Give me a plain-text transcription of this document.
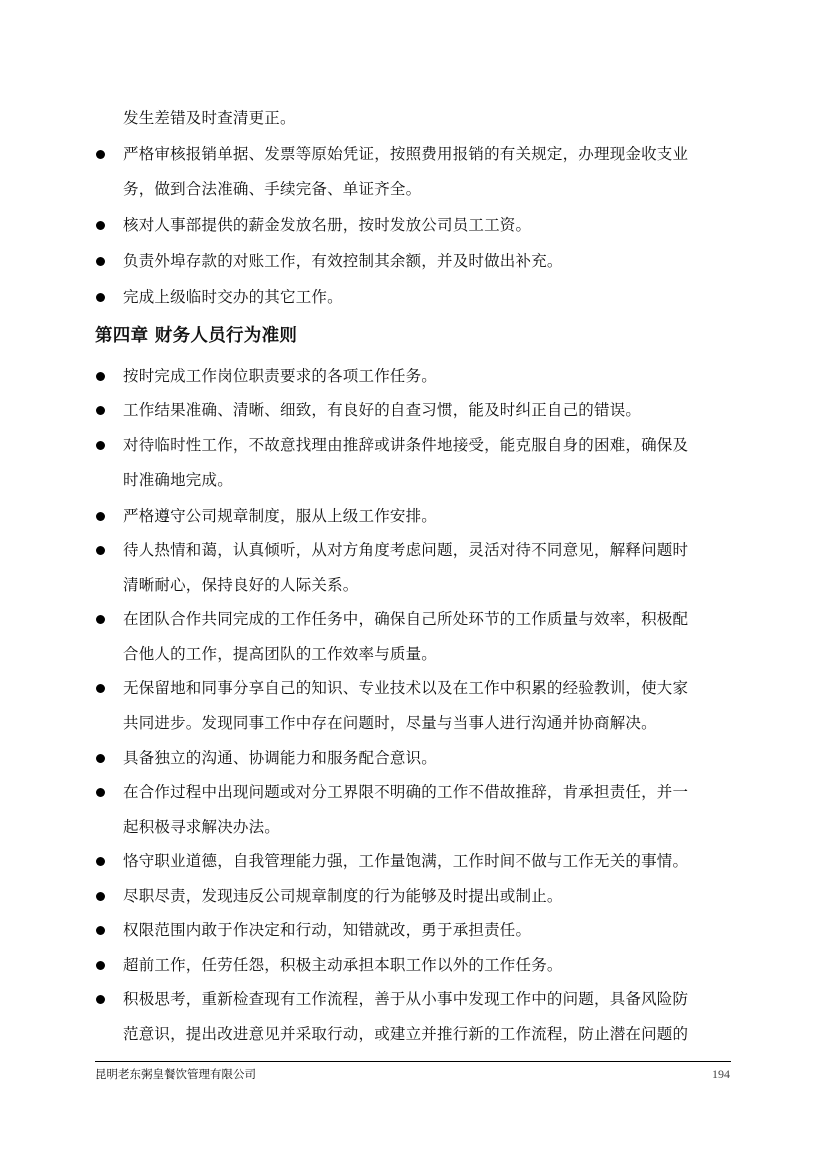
发生差错及时查清更正。
严格审核报销单据、发票等原始凭证，按照费用报销的有关规定，办理现金收支业
务，做到合法准确、手续完备、单证齐全。
核对人事部提供的薪金发放名册，按时发放公司员工工资。
负责外埠存款的对账工作，有效控制其余额，并及时做出补充。
完成上级临时交办的其它工作。
第四章 财务人员行为准则
按时完成工作岗位职责要求的各项工作任务。
工作结果准确、清晰、细致，有良好的自查习惯，能及时纠正自己的错误。
对待临时性工作，不故意找理由推辞或讲条件地接受，能克服自身的困难，确保及
时准确地完成。
严格遵守公司规章制度，服从上级工作安排。
待人热情和蔼，认真倾听，从对方角度考虑问题，灵活对待不同意见，解释问题时
清晰耐心，保持良好的人际关系。
在团队合作共同完成的工作任务中，确保自己所处环节的工作质量与效率，积极配
合他人的工作，提高团队的工作效率与质量。
无保留地和同事分享自己的知识、专业技术以及在工作中积累的经验教训，使大家
共同进步。发现同事工作中存在问题时，尽量与当事人进行沟通并协商解决。
具备独立的沟通、协调能力和服务配合意识。
在合作过程中出现问题或对分工界限不明确的工作不借故推辞，肯承担责任，并一
起积极寻求解决办法。
恪守职业道德，自我管理能力强，工作量饱满，工作时间不做与工作无关的事情。
尽职尽责，发现违反公司规章制度的行为能够及时提出或制止。
权限范围内敢于作决定和行动，知错就改，勇于承担责任。
超前工作，任劳任怨，积极主动承担本职工作以外的工作任务。
积极思考，重新检查现有工作流程，善于从小事中发现工作中的问题，具备风险防
范意识，提出改进意见并采取行动，或建立并推行新的工作流程，防止潜在问题的
昆明老东粥皇餐饮管理有限公司	194
